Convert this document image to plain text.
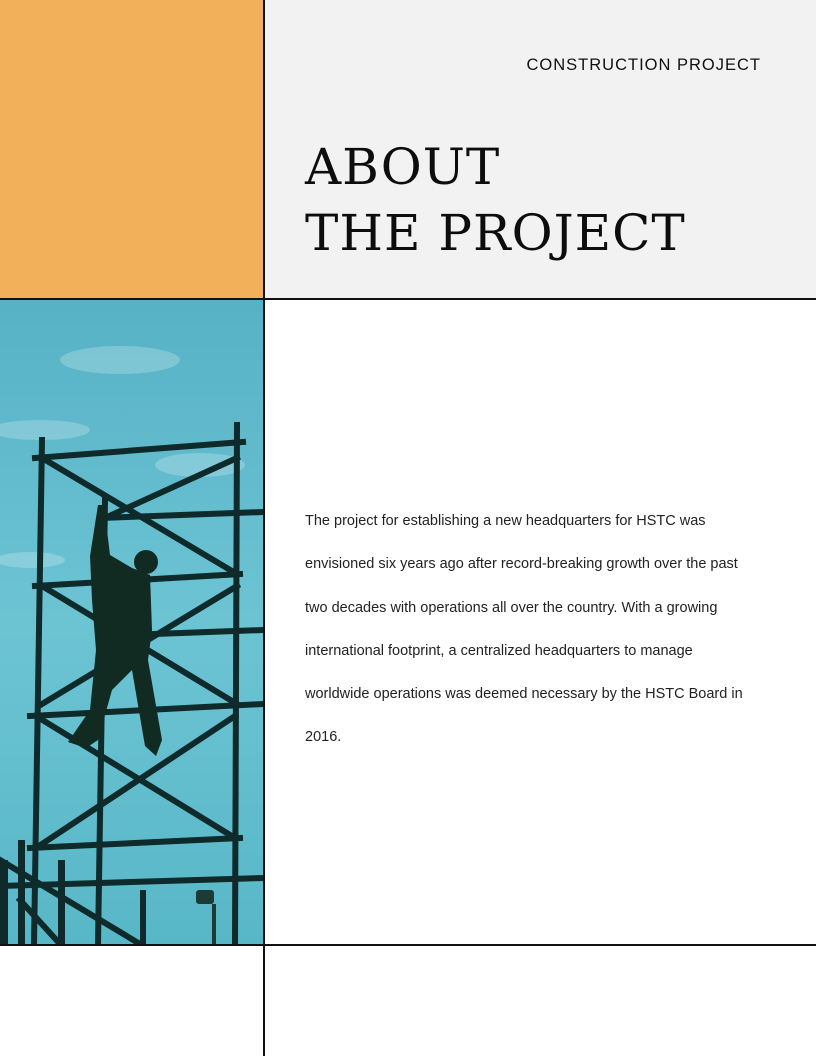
CONSTRUCTION PROJECT
ABOUT
THE PROJECT

The project for establishing a new headquarters for HSTC was envisioned six years ago after record-breaking growth over the past two decades with operations all over the country. With a growing international footprint, a centralized headquarters to manage worldwide operations was deemed necessary by the HSTC Board in 2016.
